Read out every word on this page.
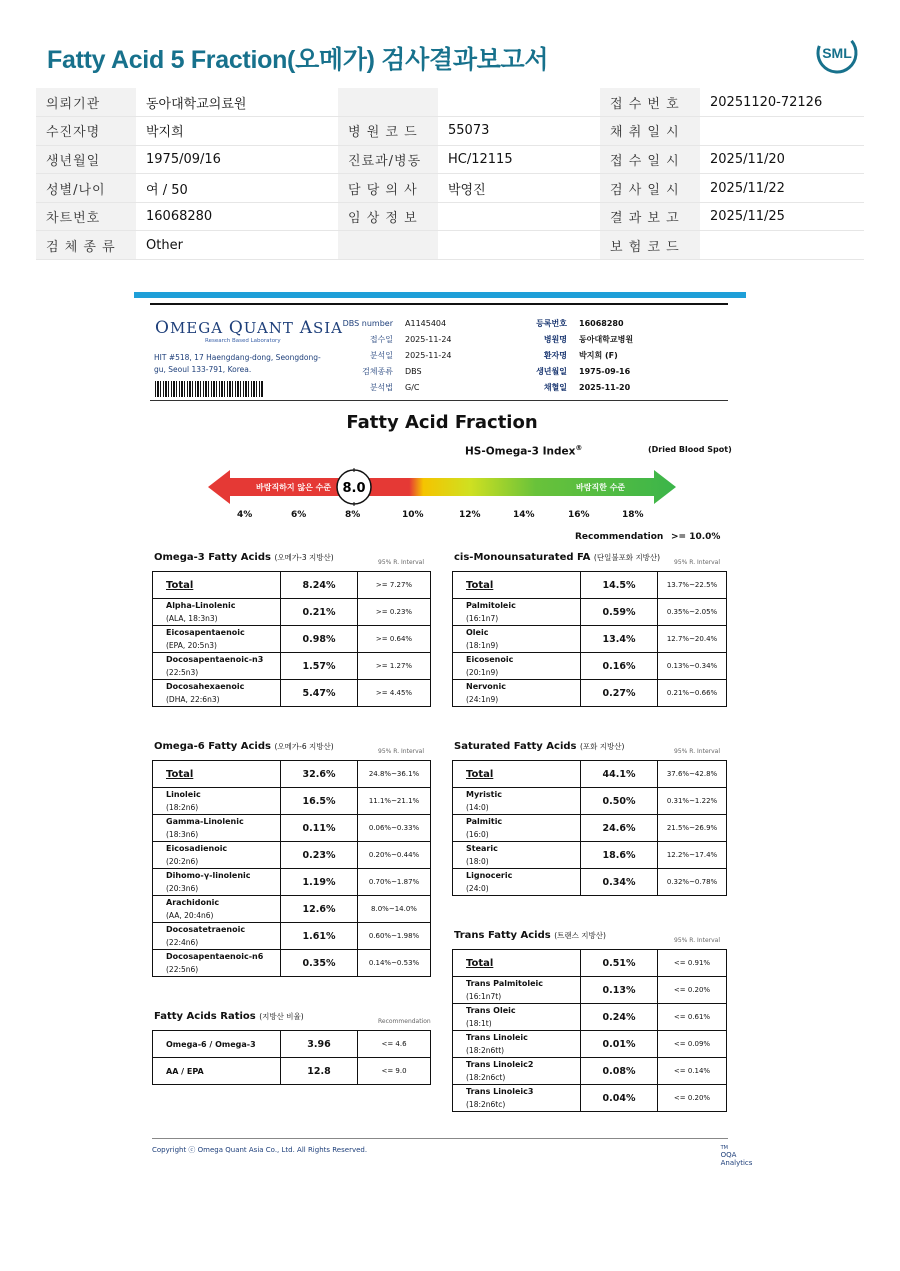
Fatty Acid 5 Fraction(오메가) 검사결과보고서	SML
의뢰기관	동아대학교의료원			접 수 번 호	20251120-72126
수진자명	박지희	병 원 코 드	55073	채 취 일 시	
생년월일	1975/09/16	진료과/병동	HC/12115	접 수 일 시	2025/11/20
성별/나이	여 / 50	담 당 의 사	박영진	검 사 일 시	2025/11/22
차트번호	16068280	임 상 정 보		결 과 보 고	2025/11/25
검 체 종 류	Other			보 험 코 드	
OMEGA QUANT ASIA
Research Based Laboratory
HIT #518, 17 Haengdang-dong, Seongdong-gu, Seoul 133-791, Korea.
DBS number	A1145404
접수일	2025-11-24
분석일	2025-11-24
검체종류	DBS
분석법	G/C
등록번호	16068280
병원명	동아대학교병원
환자명	박지희 (F)
생년월일	1975-09-16
채혈일	2025-11-20
Fatty Acid Fraction
HS-Omega-3 Index®	(Dried Blood Spot)
바람직하지 않은 수준	바람직한 수준
8.0
4%	6%	8%	10%	12%	14%	16%	18%
Recommendation >= 10.0%
Omega-3 Fatty Acids (오메가-3 지방산)
95% R. Interval
Total	8.24%	>= 7.27%
Alpha-Linolenic
(ALA, 18:3n3)	0.21%	>= 0.23%
Eicosapentaenoic
(EPA, 20:5n3)	0.98%	>= 0.64%
Docosapentaenoic-n3
(22:5n3)	1.57%	>= 1.27%
Docosahexaenoic
(DHA, 22:6n3)	5.47%	>= 4.45%
cis-Monounsaturated FA (단일불포화 지방산)
95% R. Interval
Total	14.5%	13.7%~22.5%
Palmitoleic
(16:1n7)	0.59%	0.35%~2.05%
Oleic
(18:1n9)	13.4%	12.7%~20.4%
Eicosenoic
(20:1n9)	0.16%	0.13%~0.34%
Nervonic
(24:1n9)	0.27%	0.21%~0.66%
Omega-6 Fatty Acids (오메가-6 지방산)
95% R. Interval
Total	32.6%	24.8%~36.1%
Linoleic
(18:2n6)	16.5%	11.1%~21.1%
Gamma-Linolenic
(18:3n6)	0.11%	0.06%~0.33%
Eicosadienoic
(20:2n6)	0.23%	0.20%~0.44%
Dihomo-γ-linolenic
(20:3n6)	1.19%	0.70%~1.87%
Arachidonic
(AA, 20:4n6)	12.6%	8.0%~14.0%
Docosatetraenoic
(22:4n6)	1.61%	0.60%~1.98%
Docosapentaenoic-n6
(22:5n6)	0.35%	0.14%~0.53%
Saturated Fatty Acids (포화 지방산)
95% R. Interval
Total	44.1%	37.6%~42.8%
Myristic
(14:0)	0.50%	0.31%~1.22%
Palmitic
(16:0)	24.6%	21.5%~26.9%
Stearic
(18:0)	18.6%	12.2%~17.4%
Lignoceric
(24:0)	0.34%	0.32%~0.78%
Trans Fatty Acids (트랜스 지방산)
95% R. Interval
Total	0.51%	<= 0.91%
Trans Palmitoleic
(16:1n7t)	0.13%	<= 0.20%
Trans Oleic
(18:1t)	0.24%	<= 0.61%
Trans Linoleic
(18:2n6tt)	0.01%	<= 0.09%
Trans Linoleic2
(18:2n6ct)	0.08%	<= 0.14%
Trans Linoleic3
(18:2n6tc)	0.04%	<= 0.20%
Fatty Acids Ratios (지방산 비율)
Recommendation
Omega-6 / Omega-3	3.96	<= 4.6
AA / EPA	12.8	<= 9.0
Copyright ⓒ Omega Quant Asia Co., Ltd. All Rights Reserved.
OQA Analytics
™
